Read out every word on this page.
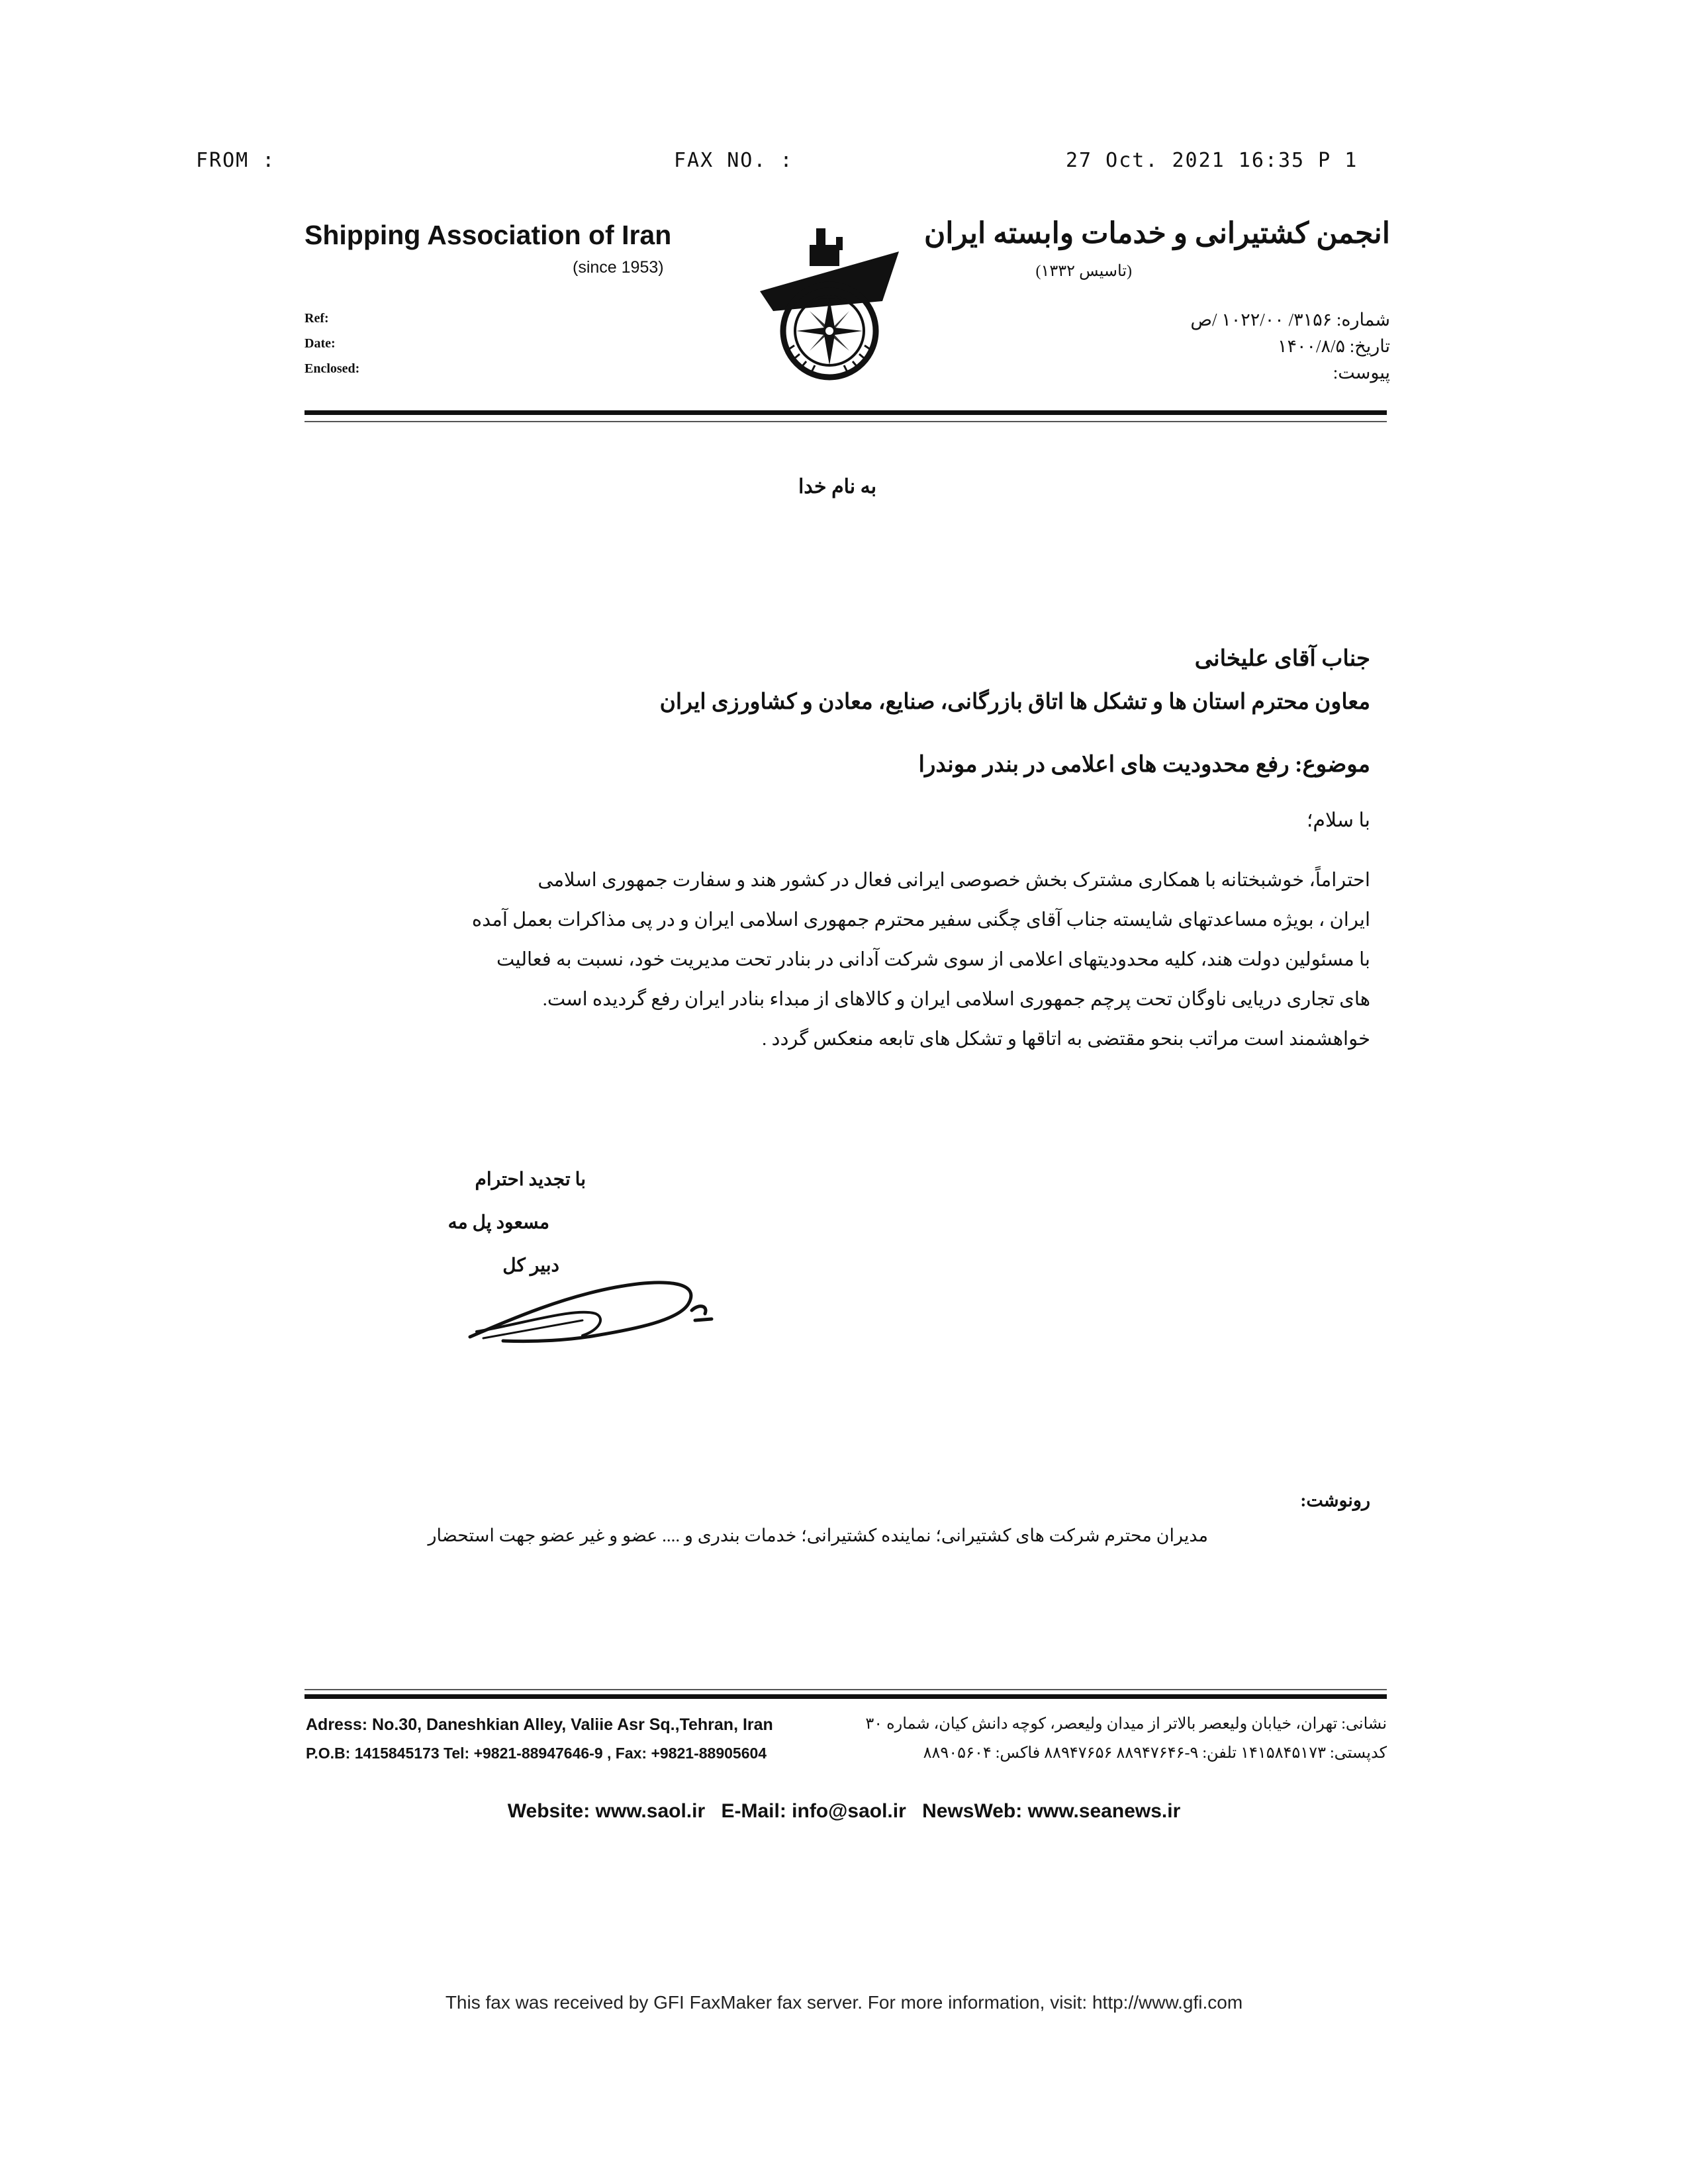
FROM :	FAX NO. :	27 Oct. 2021 16:35 P 1
Shipping Association of Iran
(since 1953)
انجمن کشتیرانی و خدمات وابسته ایران
(تاسیس ۱۳۳۲)
Ref:
Date:
Enclosed:
شماره: ۳۱۵۶/ ۱۰۲۲/۰۰ /ص
تاریخ: ۱۴۰۰/۸/۵
پیوست:
به نام خدا
جناب آقای علیخانی
معاون محترم استان ها و تشکل ها اتاق بازرگانی، صنایع، معادن و کشاورزی ایران
موضوع: رفع محدودیت های اعلامی در بندر موندرا
با سلام؛
احتراماً، خوشبختانه با همکاری مشترک بخش خصوصی ایرانی فعال در کشور هند و سفارت جمهوری اسلامی
ایران ، بویژه مساعدتهای شایسته جناب آقای چگنی سفیر محترم جمهوری اسلامی ایران و در پی مذاکرات بعمل آمده
با مسئولین دولت هند، کلیه محدودیتهای اعلامی از سوی شرکت آدانی در بنادر تحت مدیریت خود، نسبت به فعالیت
های تجاری دریایی ناوگان تحت پرچم جمهوری اسلامی ایران و کالاهای از مبداء بنادر ایران رفع گردیده است.
خواهشمند است مراتب بنحو مقتضی به اتاقها و تشکل های تابعه منعکس گردد .
با تجدید احترام
مسعود پل مه
دبیر کل
رونوشت:
مدیران محترم شرکت های کشتیرانی؛ نماینده کشتیرانی؛ خدمات بندری و .... عضو و غیر عضو جهت استحضار
Adress: No.30, Daneshkian Alley, Valiie Asr Sq.,Tehran, Iran
P.O.B: 1415845173 Tel: +9821-88947646-9 , Fax: +9821-88905604
نشانی: تهران، خیابان ولیعصر بالاتر از میدان ولیعصر، کوچه دانش کیان، شماره ۳۰
کدپستی: ۱۴۱۵۸۴۵۱۷۳ تلفن: ۹-۸۸۹۴۷۶۴۶ ۸۸۹۴۷۶۵۶ فاکس: ۸۸۹۰۵۶۰۴
Website: www.saol.ir E-Mail: info@saol.ir NewsWeb: www.seanews.ir
This fax was received by GFI FaxMaker fax server. For more information, visit: http://www.gfi.com
